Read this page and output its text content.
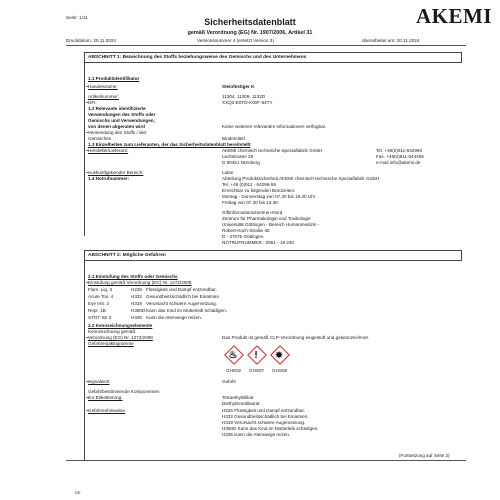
Seite: 1/11	AKEMI
Sicherheitsdatenblatt
gemäß Verordnung (EG) Nr. 1907/2006, Artikel 31
Druckdatum: 20.11.2024	Versionsnummer 4 (ersetzt Version 3)	überarbeitet am: 20.11.2024
ABSCHNITT 1: Bezeichnung des Stoffs beziehungsweise des Gemischs und des Unternehmens
1.1 Produktidentifikator
Handelsname:	Steinfestiger K
Artikelnummer:	11304, 11309, 1132D
UFI:	XXQ3-E0TD-K00F-64TY
1.2 Relevante identifizierte
Verwendungen des Stoffs oder
Gemischs und Verwendungen,
von denen abgeraten wird	Keine weiteren relevanten Informationen verfügbar.
Verwendung des Stoffs / des
Gemisches	Bindemittel
1.3 Einzelheiten zum Lieferanten, der das Sicherheitsdatenblatt bereitstellt
Hersteller/Lieferant:	AKEMI chemisch technische Spezialfabrik GmbH
Lechstrasse 28
D 90451 Nürnberg
Tel. +49(0)911-642960
Fax. +49(0)911-644456
e-mail info@akemi.de
Auskunftgebender Bereich:	Labor
1.4 Notrufnummer:	Abteilung Produktsicherheit AKEMI chemisch technische Spezialfabrik GmbH
Tel. +49 (0)911 - 64296-59
Erreichbar zu folgenden Bürozeiten:
Montag - Donnerstag von 07.30 bis 16.30 Uhr
Freitag von 07.30 bis 13.30
Giftinformationszentrum-Nord
Zentrum für Pharmakologie und Toxikologie
Universität Göttingen - Bereich Humanmedizin -
Robert-Koch-Straße 40
D - 37075 Göttingen
NOTRUFNUMMER : 0551 - 19 240
ABSCHNITT 2: Mögliche Gefahren
2.1 Einstufung des Stoffs oder Gemischs
Einstufung gemäß Verordnung (EG) Nr. 1272/2008
Flam. Liq. 3	H226 Flüssigkeit und Dampf entzündbar.
Acute Tox. 4	H332 Gesundheitsschädlich bei Einatmen.
Eye Irrit. 2	H319 Verursacht schwere Augenreizung.
Repr. 1B	H360D Kann das Kind im Mutterleib schädigen.
STOT SE 3	H335 Kann die Atemwege reizen.
2.2 Kennzeichnungselemente
Kennzeichnung gemäß
Verordnung (EG) Nr. 1272/2008	Das Produkt ist gemäß CLP-Verordnung eingestuft und gekennzeichnet.
Gefahrenpiktogramme
♨	!	✸
GHS02 GHS07 GHS08
Signalwort	Gefahr
Gefahrbestimmende Komponenten
zur Etikettierung:	Tetraethylsilikat
Diethylzinndilaurat
Gefahrenhinweise	H226 Flüssigkeit und Dampf entzündbar.
H332 Gesundheitsschädlich bei Einatmen.
H319 Verursacht schwere Augenreizung.
H360D Kann das Kind im Mutterleib schädigen.
H335 Kann die Atemwege reizen.
(Fortsetzung auf Seite 2)
DE
